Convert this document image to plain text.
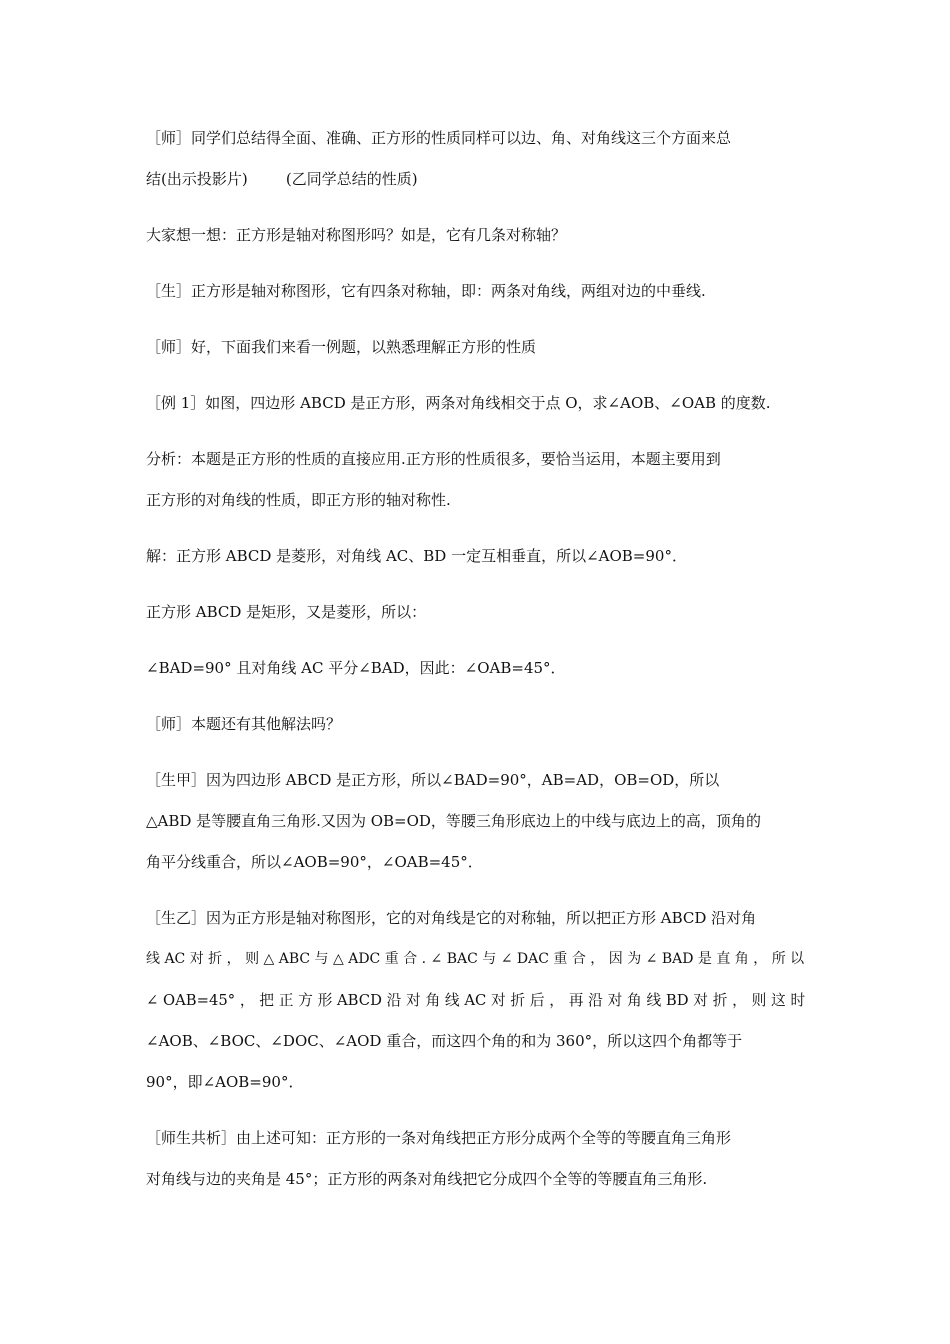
［师］同学们总结得全面、准确、正方形的性质同样可以边、角、对角线这三个方面来总

结(出示投影片)        (乙同学总结的性质)

大家想一想：正方形是轴对称图形吗？如是，它有几条对称轴？

［生］正方形是轴对称图形，它有四条对称轴，即：两条对角线，两组对边的中垂线.

［师］好，下面我们来看一例题，以熟悉理解正方形的性质

［例 1］如图，四边形 ABCD 是正方形，两条对角线相交于点 O，求∠AOB、∠OAB 的度数.

分析：本题是正方形的性质的直接应用.正方形的性质很多，要恰当运用，本题主要用到

正方形的对角线的性质，即正方形的轴对称性.

解：正方形 ABCD 是菱形，对角线 AC、BD 一定互相垂直，所以∠AOB=90°．

正方形 ABCD 是矩形，又是菱形，所以：

∠BAD=90° 且对角线 AC 平分∠BAD，因此：∠OAB=45°．

［师］本题还有其他解法吗？

［生甲］因为四边形 ABCD 是正方形，所以∠BAD=90°，AB=AD，OB=OD，所以

△ABD 是等腰直角三角形.又因为 OB=OD，等腰三角形底边上的中线与底边上的高，顶角的

角平分线重合，所以∠AOB=90°，∠OAB=45°．

［生乙］因为正方形是轴对称图形，它的对角线是它的对称轴，所以把正方形 ABCD 沿对角

线 AC 对 折 ， 则 △ ABC 与 △ ADC 重 合 . ∠ BAC 与 ∠ DAC 重 合 ， 因 为 ∠ BAD 是 直 角 ， 所 以

∠ OAB=45° ， 把 正 方 形 ABCD 沿 对 角 线 AC 对 折 后 ， 再 沿 对 角 线 BD 对 折 ， 则 这 时

∠AOB、∠BOC、∠DOC、∠AOD 重合，而这四个角的和为 360°，所以这四个角都等于

90°，即∠AOB=90°．

［师生共析］由上述可知：正方形的一条对角线把正方形分成两个全等的等腰直角三角形

对角线与边的夹角是 45°；正方形的两条对角线把它分成四个全等的等腰直角三角形.
